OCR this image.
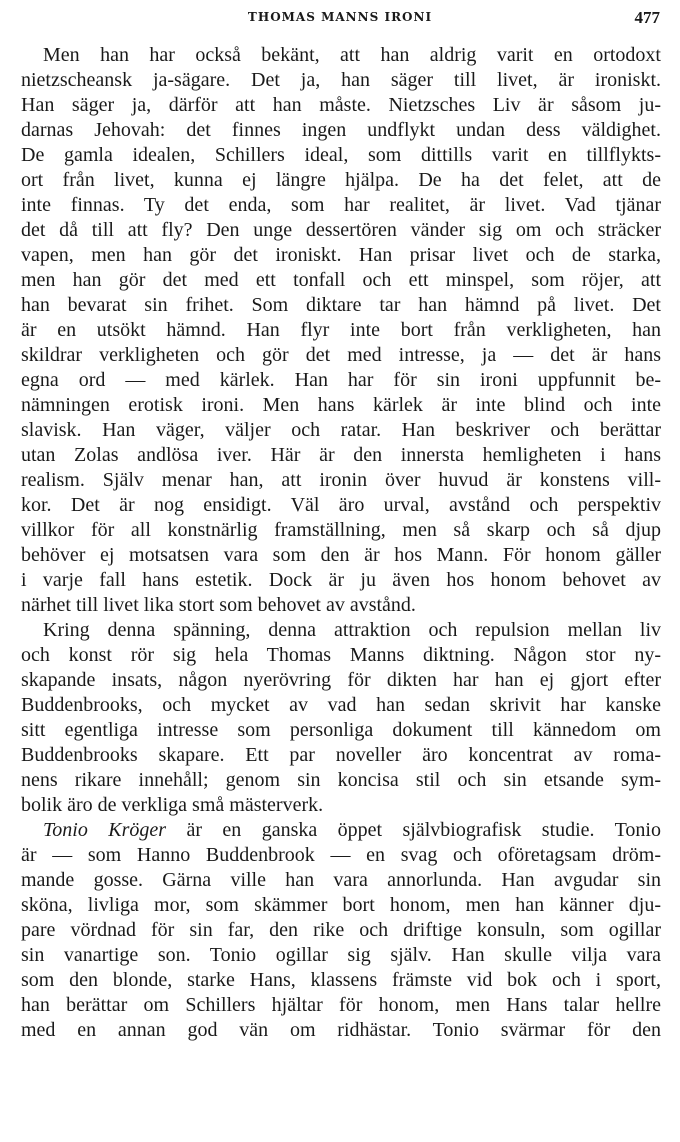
THOMAS MANNS IRONI	477
Men han har också bekänt, att han aldrig varit en ortodoxt
nietzscheansk ja-sägare. Det ja, han säger till livet, är ironiskt.
Han säger ja, därför att han måste. Nietzsches Liv är såsom ju-
darnas Jehovah: det finnes ingen undflykt undan dess väldighet.
De gamla idealen, Schillers ideal, som dittills varit en tillflykts-
ort från livet, kunna ej längre hjälpa. De ha det felet, att de
inte finnas. Ty det enda, som har realitet, är livet. Vad tjänar
det då till att fly? Den unge dessertören vänder sig om och sträcker
vapen, men han gör det ironiskt. Han prisar livet och de starka,
men han gör det med ett tonfall och ett minspel, som röjer, att
han bevarat sin frihet. Som diktare tar han hämnd på livet. Det
är en utsökt hämnd. Han flyr inte bort från verkligheten, han
skildrar verkligheten och gör det med intresse, ja — det är hans
egna ord — med kärlek. Han har för sin ironi uppfunnit be-
nämningen erotisk ironi. Men hans kärlek är inte blind och inte
slavisk. Han väger, väljer och ratar. Han beskriver och berättar
utan Zolas andlösa iver. Här är den innersta hemligheten i hans
realism. Själv menar han, att ironin över huvud är konstens vill-
kor. Det är nog ensidigt. Väl äro urval, avstånd och perspektiv
villkor för all konstnärlig framställning, men så skarp och så djup
behöver ej motsatsen vara som den är hos Mann. För honom gäller
i varje fall hans estetik. Dock är ju även hos honom behovet av
närhet till livet lika stort som behovet av avstånd.
Kring denna spänning, denna attraktion och repulsion mellan liv
och konst rör sig hela Thomas Manns diktning. Någon stor ny-
skapande insats, någon nyerövring för dikten har han ej gjort efter
Buddenbrooks, och mycket av vad han sedan skrivit har kanske
sitt egentliga intresse som personliga dokument till kännedom om
Buddenbrooks skapare. Ett par noveller äro koncentrat av roma-
nens rikare innehåll; genom sin koncisa stil och sin etsande sym-
bolik äro de verkliga små mästerverk.
Tonio Kröger är en ganska öppet självbiografisk studie. Tonio
är — som Hanno Buddenbrook — en svag och oföretagsam dröm-
mande gosse. Gärna ville han vara annorlunda. Han avgudar sin
sköna, livliga mor, som skämmer bort honom, men han känner dju-
pare vördnad för sin far, den rike och driftige konsuln, som ogillar
sin vanartige son. Tonio ogillar sig själv. Han skulle vilja vara
som den blonde, starke Hans, klassens främste vid bok och i sport,
han berättar om Schillers hjältar för honom, men Hans talar hellre
med en annan god vän om ridhästar. Tonio svärmar för den
